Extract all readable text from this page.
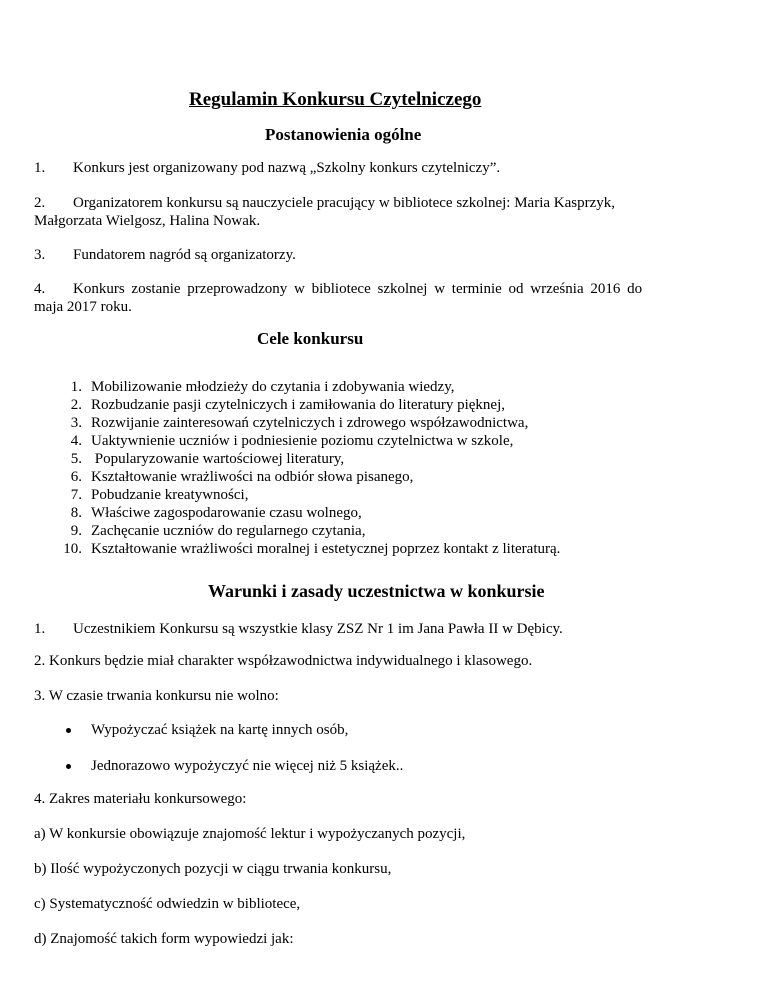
Regulamin Konkursu Czytelniczego
Postanowienia ogólne
1. Konkurs jest organizowany pod nazwą „Szkolny konkurs czytelniczy”.
2. Organizatorem konkursu są nauczyciele pracujący w bibliotece szkolnej: Maria Kasprzyk,
Małgorzata Wielgosz, Halina Nowak.
3. Fundatorem nagród są organizatorzy.
4. Konkurs zostanie przeprowadzony w bibliotece szkolnej w terminie od września 2016 do
maja 2017 roku.
Cele konkursu
1. Mobilizowanie młodzieży do czytania i zdobywania wiedzy,
2. Rozbudzanie pasji czytelniczych i zamiłowania do literatury pięknej,
3. Rozwijanie zainteresowań czytelniczych i zdrowego współzawodnictwa,
4. Uaktywnienie uczniów i podniesienie poziomu czytelnictwa w szkole,
5. Popularyzowanie wartościowej literatury,
6. Kształtowanie wrażliwości na odbiór słowa pisanego,
7. Pobudzanie kreatywności,
8. Właściwe zagospodarowanie czasu wolnego,
9. Zachęcanie uczniów do regularnego czytania,
10. Kształtowanie wrażliwości moralnej i estetycznej poprzez kontakt z literaturą.
Warunki i zasady uczestnictwa w konkursie
1. Uczestnikiem Konkursu są wszystkie klasy ZSZ Nr 1 im Jana Pawła II w Dębicy.
2. Konkurs będzie miał charakter współzawodnictwa indywidualnego i klasowego.
3. W czasie trwania konkursu nie wolno:
Wypożyczać książek na kartę innych osób,
Jednorazowo wypożyczyć nie więcej niż 5 książek..
4. Zakres materiału konkursowego:
a) W konkursie obowiązuje znajomość lektur i wypożyczanych pozycji,
b) Ilość wypożyczonych pozycji w ciągu trwania konkursu,
c) Systematyczność odwiedzin w bibliotece,
d) Znajomość takich form wypowiedzi jak:
